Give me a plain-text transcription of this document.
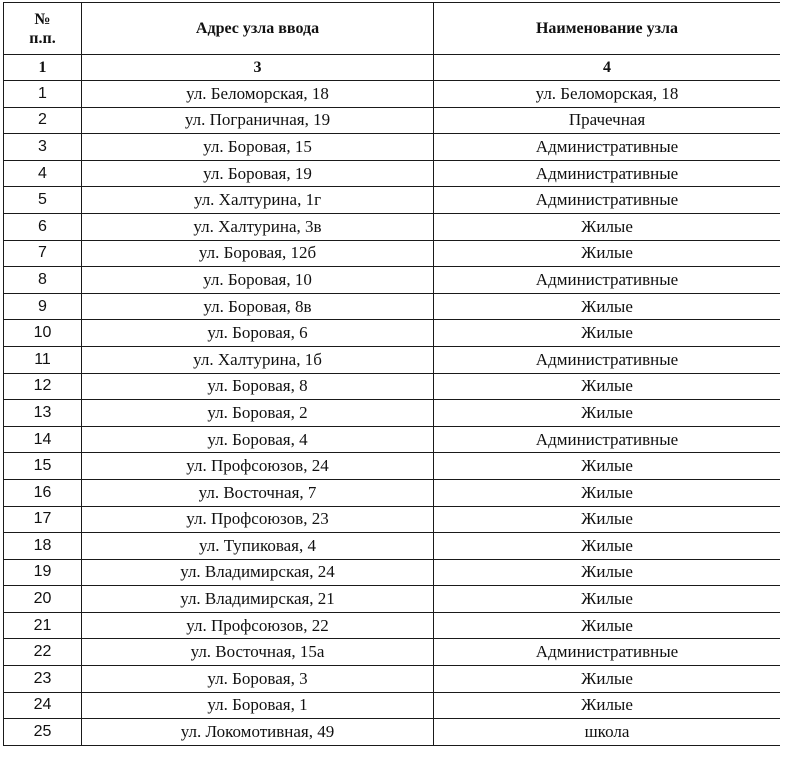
№
п.п.	Адрес узла ввода	Наименование узла
1	3	4
1	ул. Беломорская, 18	ул. Беломорская, 18
2	ул. Пограничная, 19	Прачечная
3	ул. Боровая, 15	Административные
4	ул. Боровая, 19	Административные
5	ул. Халтурина, 1г	Административные
6	ул. Халтурина, 3в	Жилые
7	ул. Боровая, 12б	Жилые
8	ул. Боровая, 10	Административные
9	ул. Боровая, 8в	Жилые
10	ул. Боровая, 6	Жилые
11	ул. Халтурина, 1б	Административные
12	ул. Боровая, 8	Жилые
13	ул. Боровая, 2	Жилые
14	ул. Боровая, 4	Административные
15	ул. Профсоюзов, 24	Жилые
16	ул. Восточная, 7	Жилые
17	ул. Профсоюзов, 23	Жилые
18	ул. Тупиковая, 4	Жилые
19	ул. Владимирская, 24	Жилые
20	ул. Владимирская, 21	Жилые
21	ул. Профсоюзов, 22	Жилые
22	ул. Восточная, 15а	Административные
23	ул. Боровая, 3	Жилые
24	ул. Боровая, 1	Жилые
25	ул. Локомотивная, 49	школа
